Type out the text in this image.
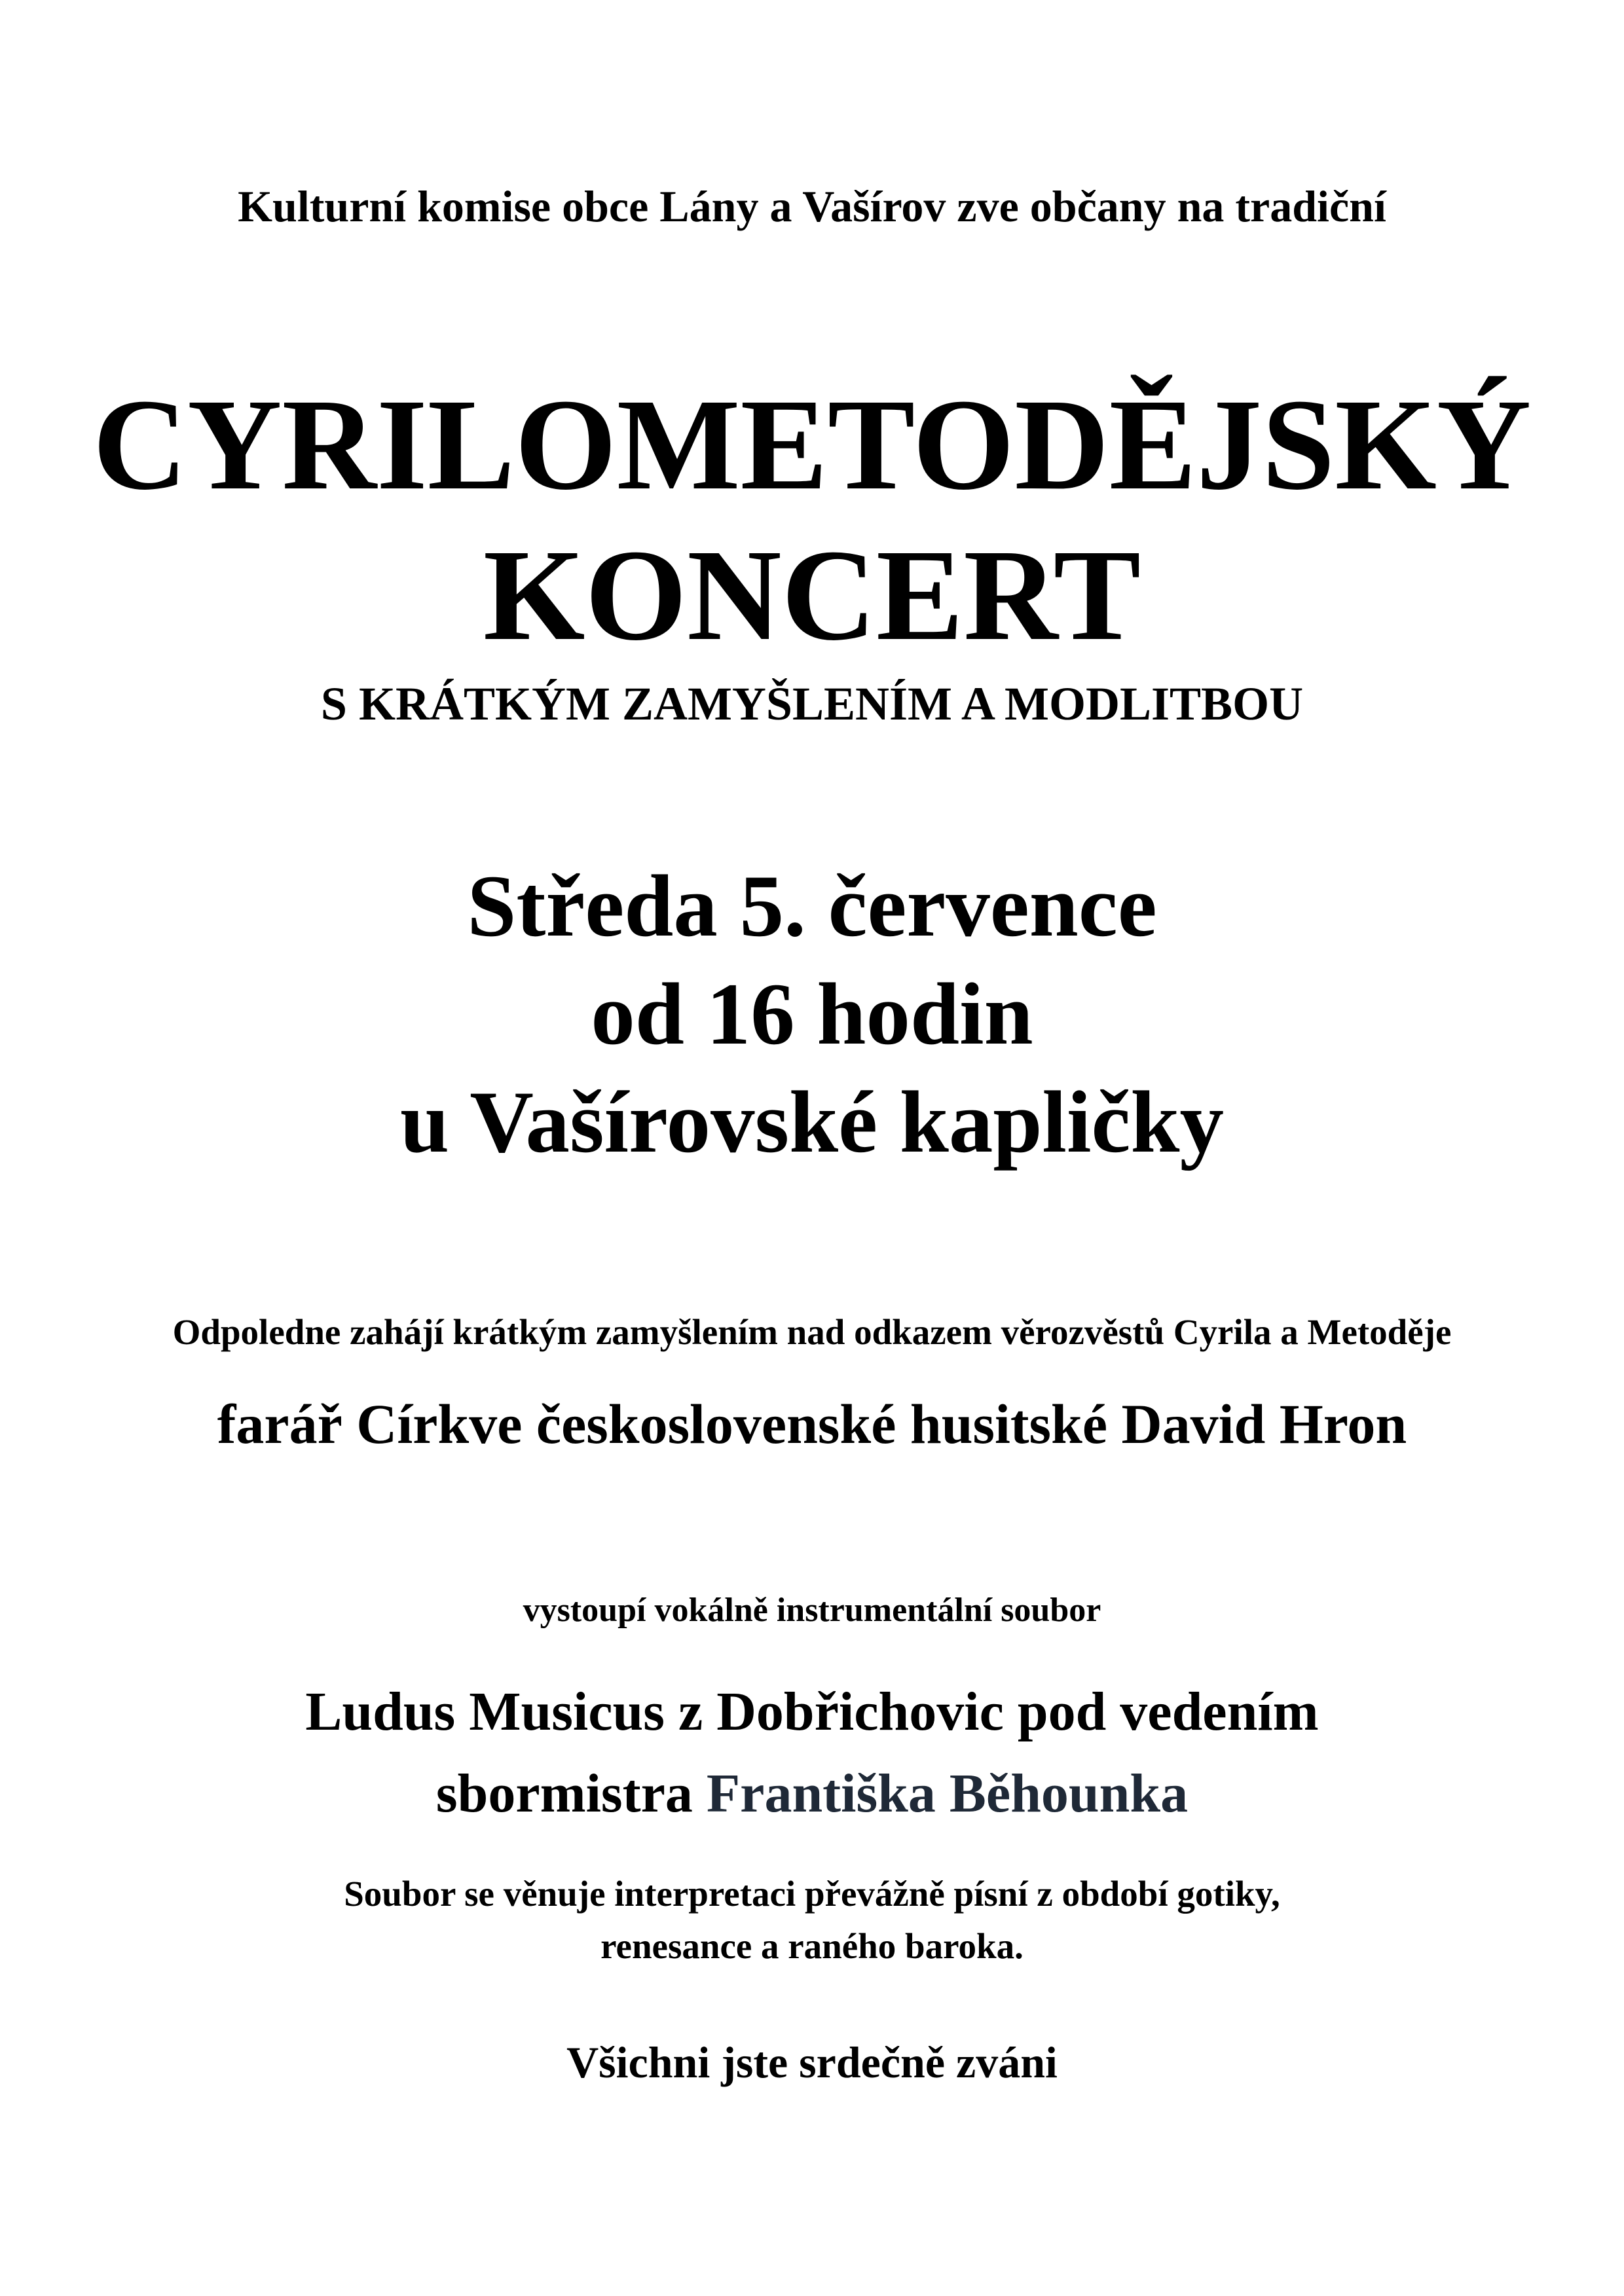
Kulturní komise obce Lány a Vašírov zve občany na tradiční

CYRILOMETODĚJSKÝ
KONCERT

S KRÁTKÝM ZAMYŠLENÍM A MODLITBOU

Středa 5. července

od 16 hodin

u Vašírovské kapličky

Odpoledne zahájí krátkým zamyšlením nad odkazem věrozvěstů Cyrila a Metoděje

farář Církve československé husitské David Hron

vystoupí vokálně instrumentální soubor

Ludus Musicus z Dobřichovic pod vedením

sbormistra Františka Běhounka

Soubor se věnuje interpretaci převážně písní z období gotiky,

renesance a raného baroka.

Všichni jste srdečně zváni
